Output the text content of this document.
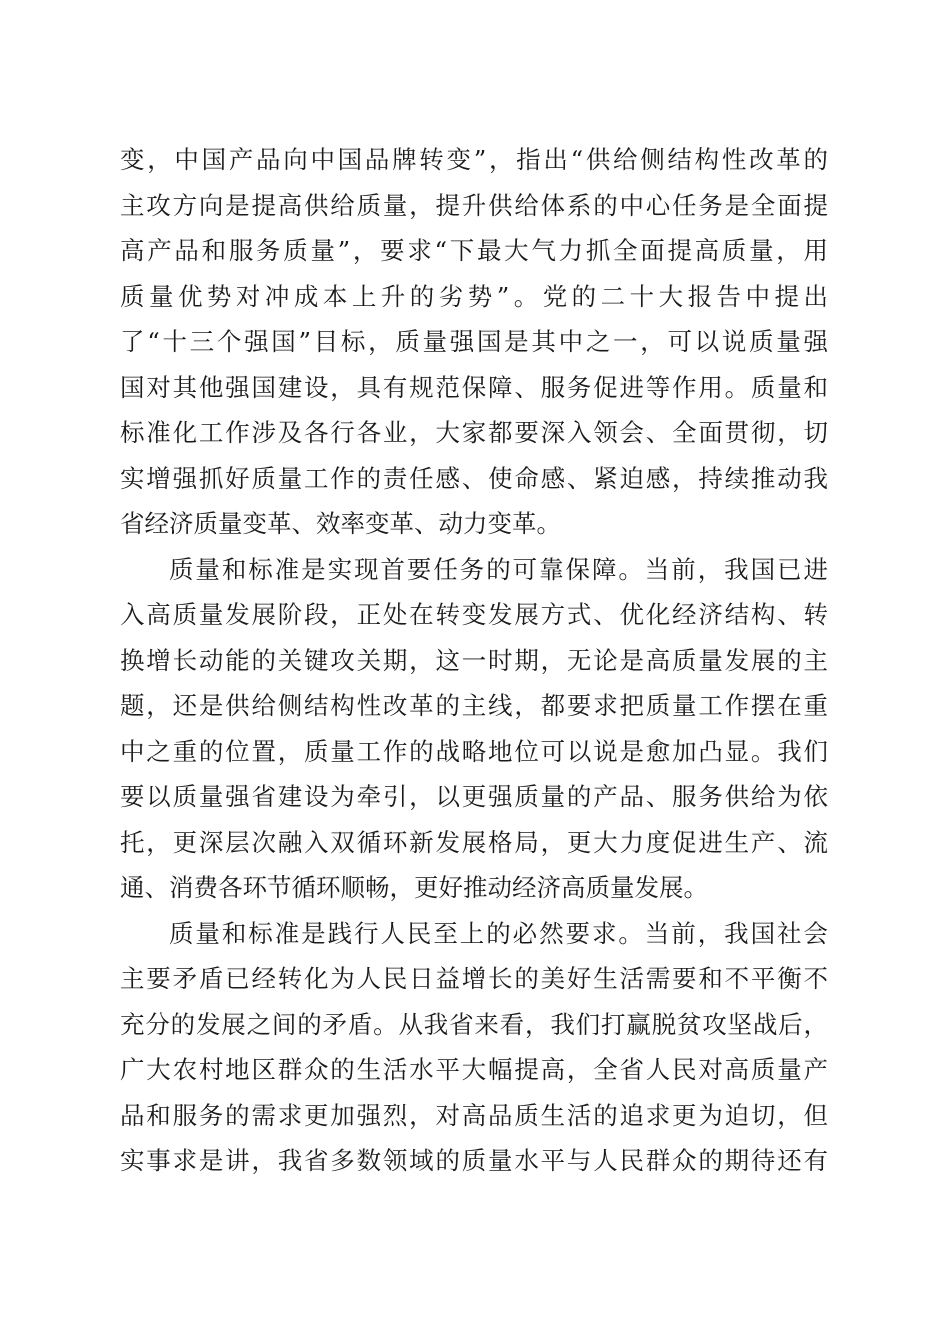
变，中国产品向中国品牌转变”，指出“供给侧结构性改革的
主攻方向是提高供给质量，提升供给体系的中心任务是全面提
高产品和服务质量”，要求“下最大气力抓全面提高质量，用
质量优势对冲成本上升的劣势”。党的二十大报告中提出
了“十三个强国”目标，质量强国是其中之一，可以说质量强
国对其他强国建设，具有规范保障、服务促进等作用。质量和
标准化工作涉及各行各业，大家都要深入领会、全面贯彻，切
实增强抓好质量工作的责任感、使命感、紧迫感，持续推动我
省经济质量变革、效率变革、动力变革。
质量和标准是实现首要任务的可靠保障。当前，我国已进
入高质量发展阶段，正处在转变发展方式、优化经济结构、转
换增长动能的关键攻关期，这一时期，无论是高质量发展的主
题，还是供给侧结构性改革的主线，都要求把质量工作摆在重
中之重的位置，质量工作的战略地位可以说是愈加凸显。我们
要以质量强省建设为牵引，以更强质量的产品、服务供给为依
托，更深层次融入双循环新发展格局，更大力度促进生产、流
通、消费各环节循环顺畅，更好推动经济高质量发展。
质量和标准是践行人民至上的必然要求。当前，我国社会
主要矛盾已经转化为人民日益增长的美好生活需要和不平衡不
充分的发展之间的矛盾。从我省来看，我们打赢脱贫攻坚战后，
广大农村地区群众的生活水平大幅提高，全省人民对高质量产
品和服务的需求更加强烈，对高品质生活的追求更为迫切，但
实事求是讲，我省多数领域的质量水平与人民群众的期待还有
